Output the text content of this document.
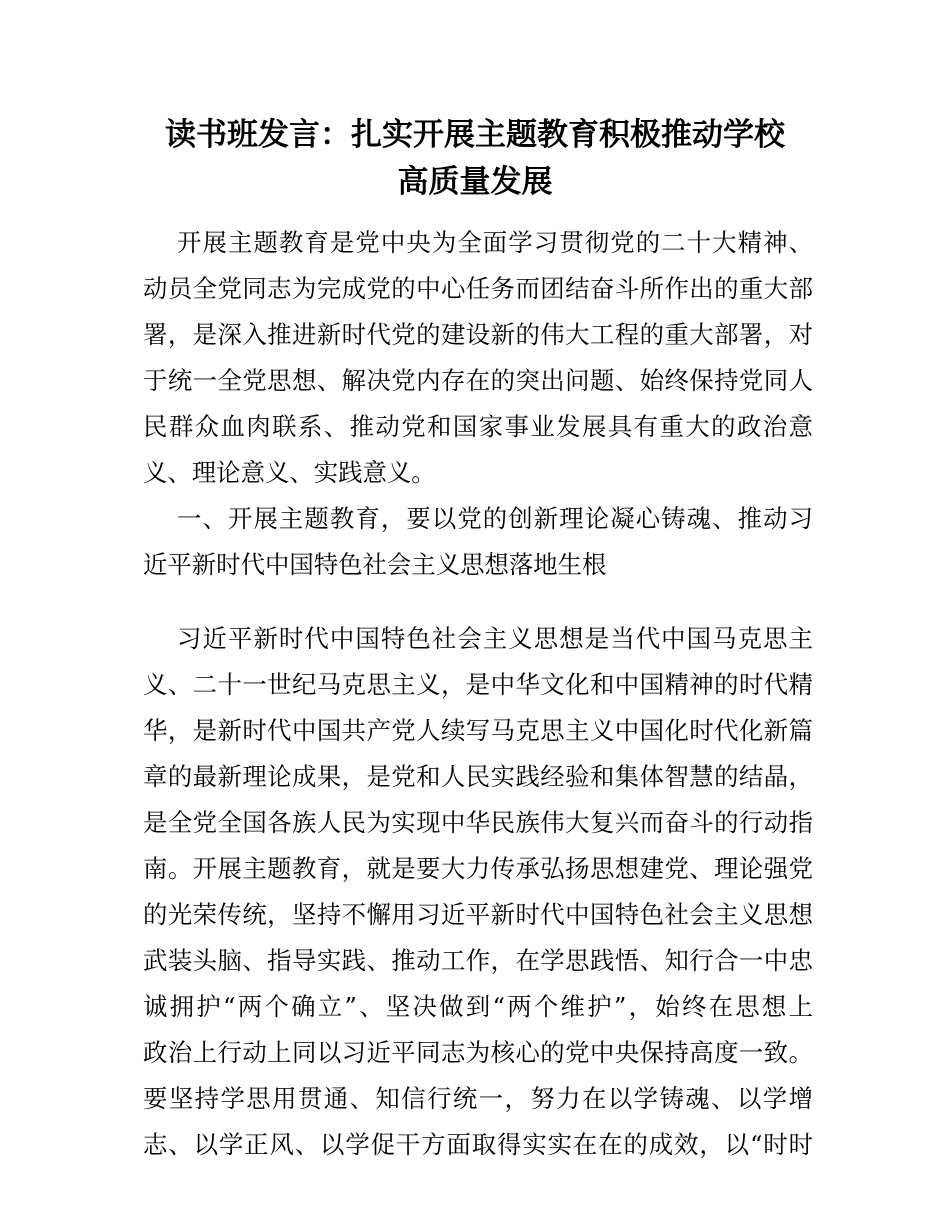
读书班发言：扎实开展主题教育积极推动学校
高质量发展
开展主题教育是党中央为全面学习贯彻党的二十大精神、
动员全党同志为完成党的中心任务而团结奋斗所作出的重大部
署，是深入推进新时代党的建设新的伟大工程的重大部署，对
于统一全党思想、解决党内存在的突出问题、始终保持党同人
民群众血肉联系、推动党和国家事业发展具有重大的政治意
义、理论意义、实践意义。
一、开展主题教育，要以党的创新理论凝心铸魂、推动习
近平新时代中国特色社会主义思想落地生根
习近平新时代中国特色社会主义思想是当代中国马克思主
义、二十一世纪马克思主义，是中华文化和中国精神的时代精
华，是新时代中国共产党人续写马克思主义中国化时代化新篇
章的最新理论成果，是党和人民实践经验和集体智慧的结晶，
是全党全国各族人民为实现中华民族伟大复兴而奋斗的行动指
南。开展主题教育，就是要大力传承弘扬思想建党、理论强党
的光荣传统，坚持不懈用习近平新时代中国特色社会主义思想
武装头脑、指导实践、推动工作，在学思践悟、知行合一中忠
诚拥护“两个确立”、坚决做到“两个维护”，始终在思想上
政治上行动上同以习近平同志为核心的党中央保持高度一致。
要坚持学思用贯通、知信行统一，努力在以学铸魂、以学增
志、以学正风、以学促干方面取得实实在在的成效，以“时时
